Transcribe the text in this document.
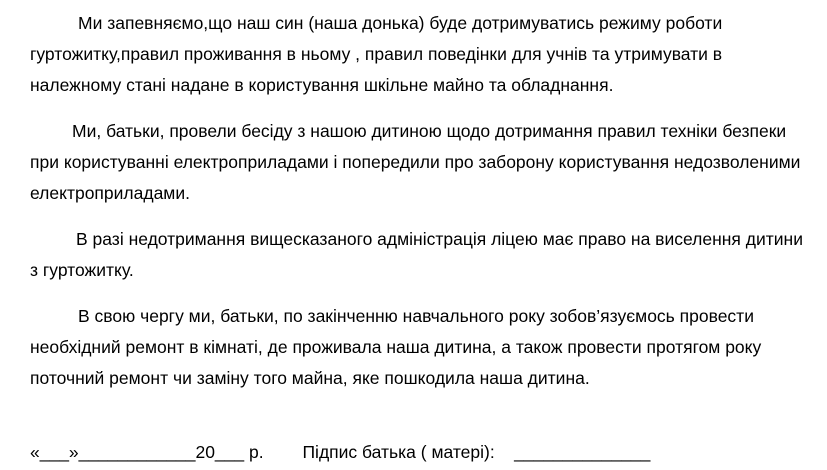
Ми запевняємо,що наш син (наша донька) буде дотримуватись режиму роботи гуртожитку,правил проживання в ньому , правил поведінки для учнів та утримувати в належному стані надане в користування шкільне майно та обладнання.

Ми, батьки, провели бесіду з нашою дитиною щодо дотримання правил техніки безпеки при користуванні електроприладами і попередили про заборону користування недозволеними електроприладами.

В разі недотримання вищесказаного адміністрація ліцею має право на виселення дитини з гуртожитку.

В свою чергу ми, батьки, по закінченню навчального року зобов’язуємось провести необхідний ремонт в кімнаті, де проживала наша дитина, а також провести протягом року поточний ремонт чи заміну того майна, яке пошкодила наша дитина.

«___»____________20___ р.        Підпис батька ( матері):    ______________
